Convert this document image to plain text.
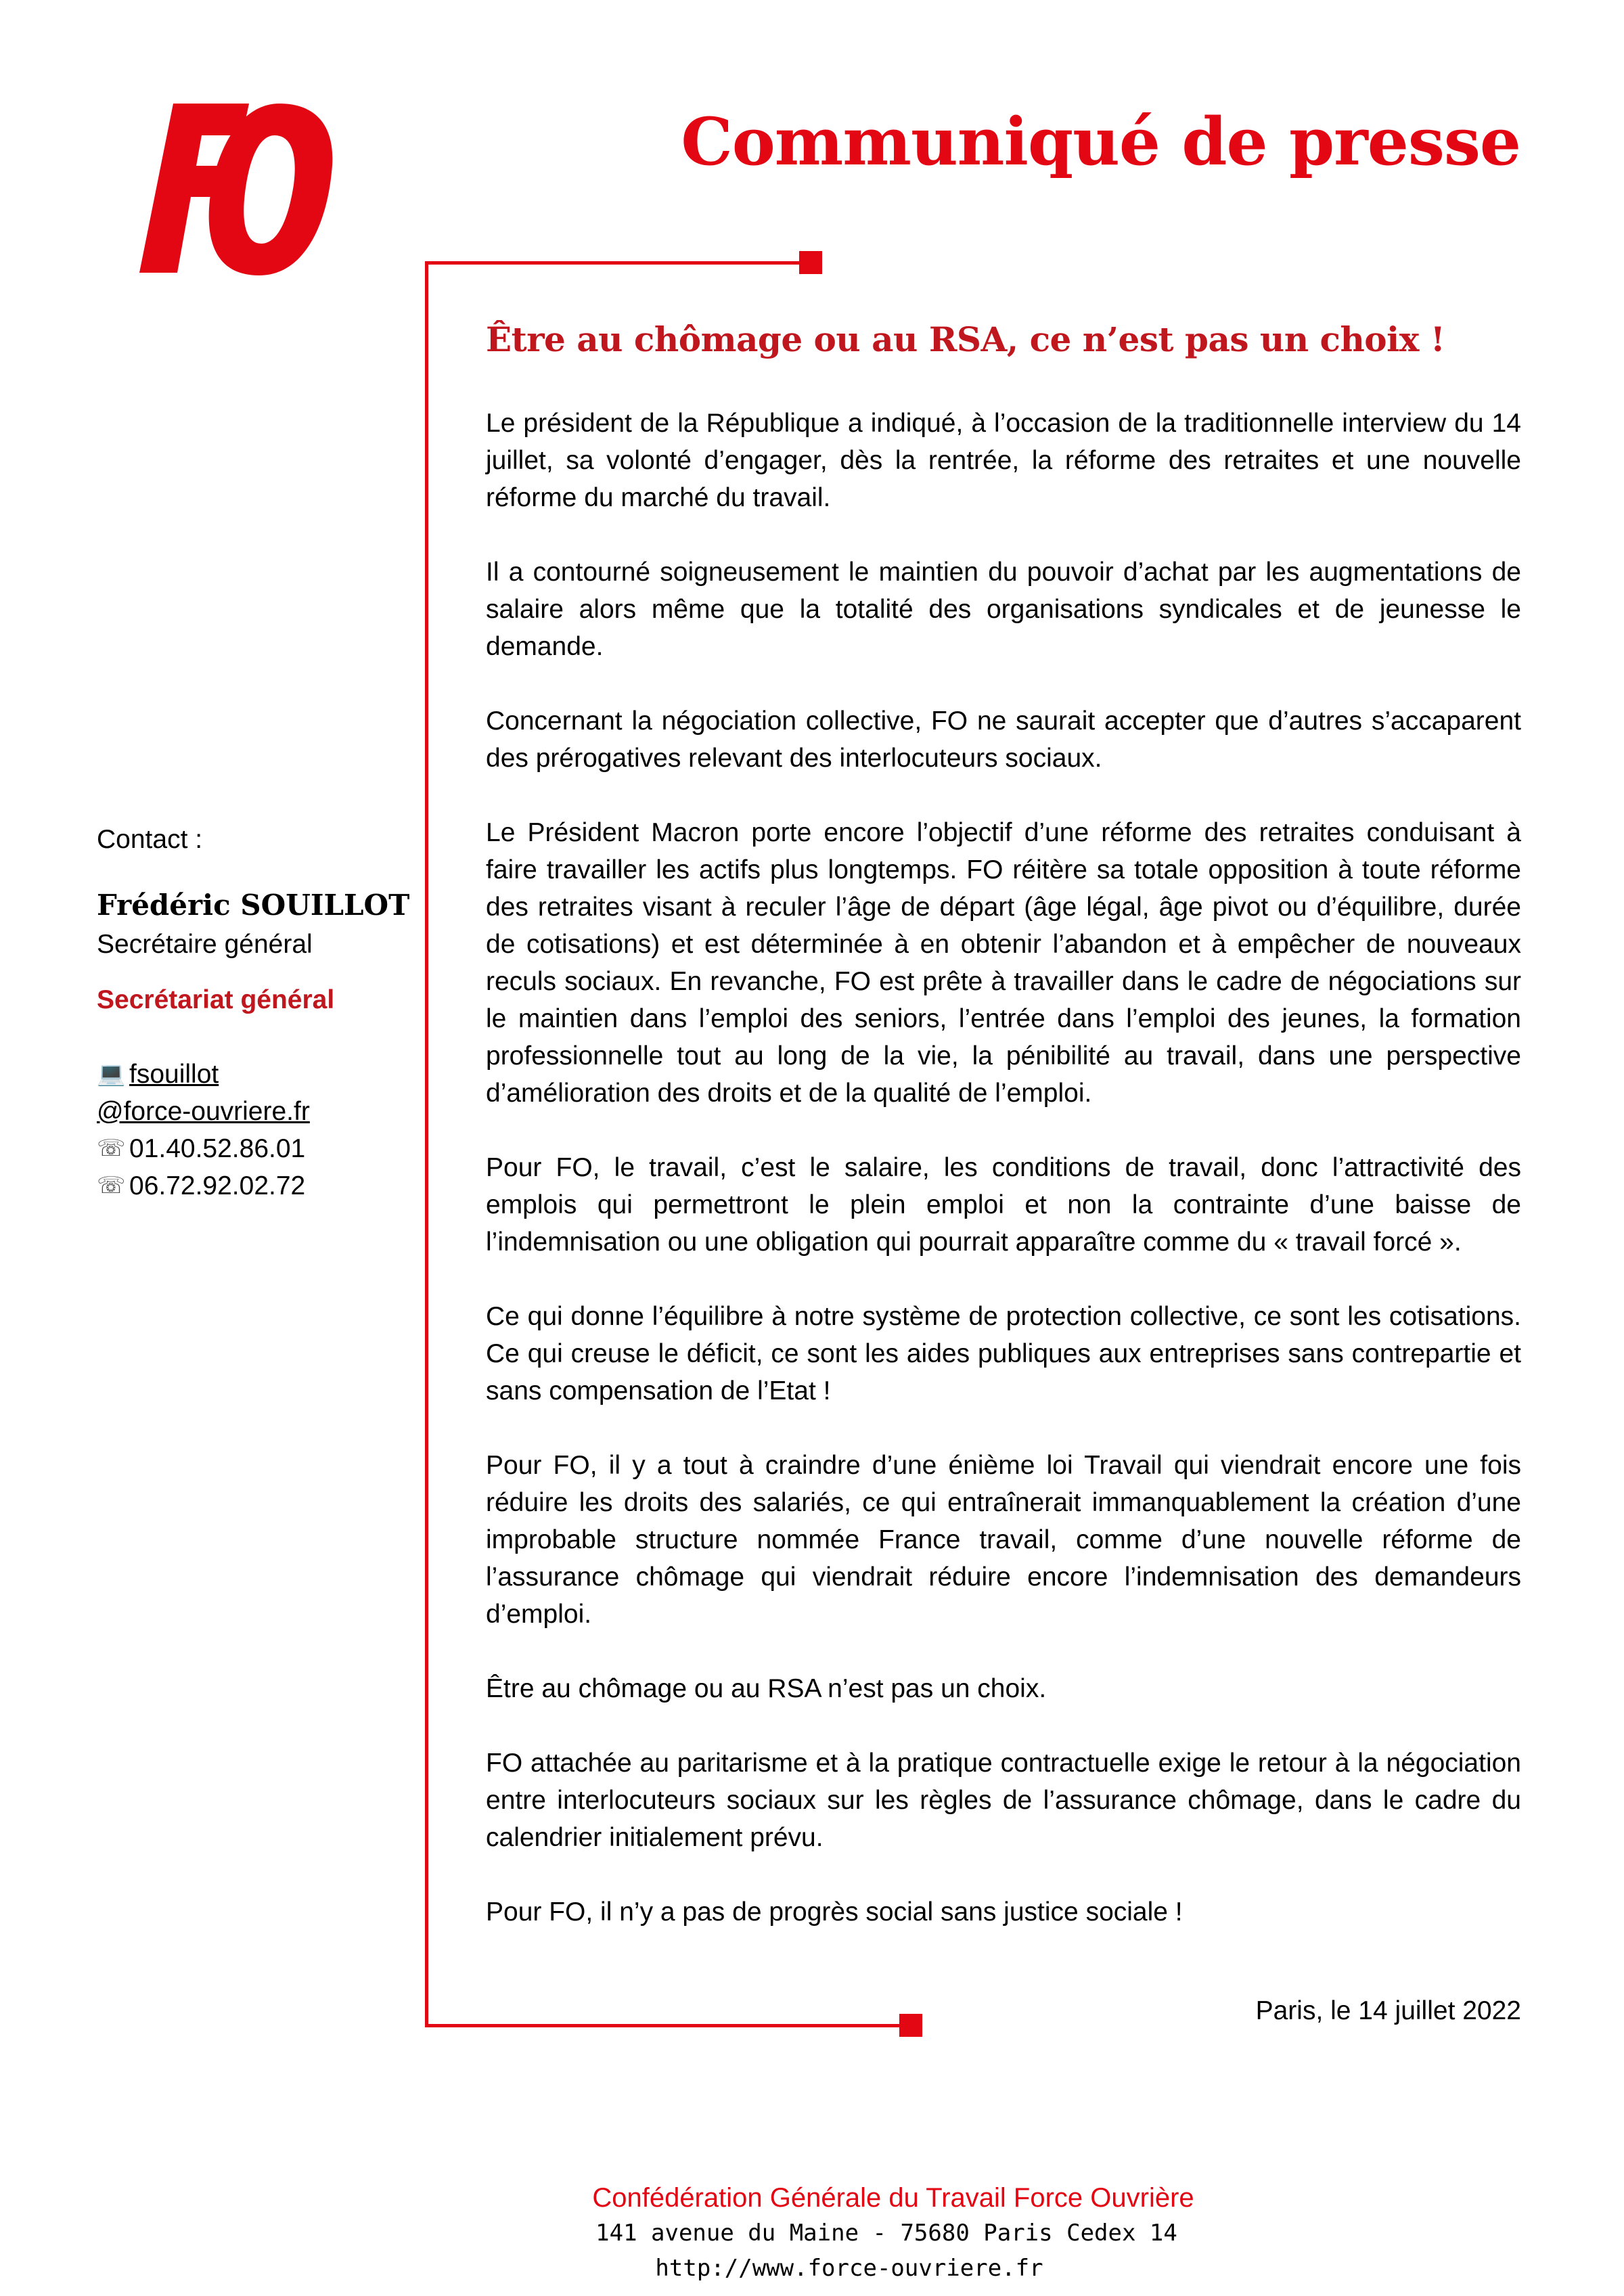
Communiqué de presse
Être au chômage ou au RSA, ce n’est pas un choix !

Le président de la République a indiqué, à l’occasion de la traditionnelle interview du 14 juillet, sa volonté d’engager, dès la rentrée, la réforme des retraites et une nouvelle réforme du marché du travail.

Il a contourné soigneusement le maintien du pouvoir d’achat par les augmentations de salaire alors même que la totalité des organisations syndicales et de jeunesse le demande.

Concernant la négociation collective, FO ne saurait accepter que d’autres s’accaparent des prérogatives relevant des interlocuteurs sociaux.

Le Président Macron porte encore l’objectif d’une réforme des retraites conduisant à faire travailler les actifs plus longtemps. FO réitère sa totale opposition à toute réforme des retraites visant à reculer l’âge de départ (âge légal, âge pivot ou d’équilibre, durée de cotisations) et est déterminée à en obtenir l’abandon et à empêcher de nouveaux reculs sociaux. En revanche, FO est prête à travailler dans le cadre de négociations sur le maintien dans l’emploi des seniors, l’entrée dans l’emploi des jeunes, la formation professionnelle tout au long de la vie, la pénibilité au travail, dans une perspective d’amélioration des droits et de la qualité de l’emploi.

Pour FO, le travail, c’est le salaire, les conditions de travail, donc l’attractivité des emplois qui permettront le plein emploi et non la contrainte d’une baisse de l’indemnisation ou une obligation qui pourrait apparaître comme du « travail forcé ».

Ce qui donne l’équilibre à notre système de protection collective, ce sont les cotisations. Ce qui creuse le déficit, ce sont les aides publiques aux entreprises sans contrepartie et sans compensation de l’Etat !

Pour FO, il y a tout à craindre d’une énième loi Travail qui viendrait encore une fois réduire les droits des salariés, ce qui entraînerait immanquablement la création d’une improbable structure nommée France travail, comme d’une nouvelle réforme de l’assurance chômage qui viendrait réduire encore l’indemnisation des demandeurs d’emploi.

Être au chômage ou au RSA n’est pas un choix.

FO attachée au paritarisme et à la pratique contractuelle exige le retour à la négociation entre interlocuteurs sociaux sur les règles de l’assurance chômage, dans le cadre du calendrier initialement prévu.

Pour FO, il n’y a pas de progrès social sans justice sociale !

Paris, le 14 juillet 2022
Contact :
Frédéric SOUILLOT
Secrétaire général
Secrétariat général
💻 fsouillot
@force-ouvriere.fr
☏ 01.40.52.86.01
☏ 06.72.92.02.72
Confédération Générale du Travail Force Ouvrière
141 avenue du Maine - 75680 Paris Cedex 14
http://www.force-ouvriere.fr
